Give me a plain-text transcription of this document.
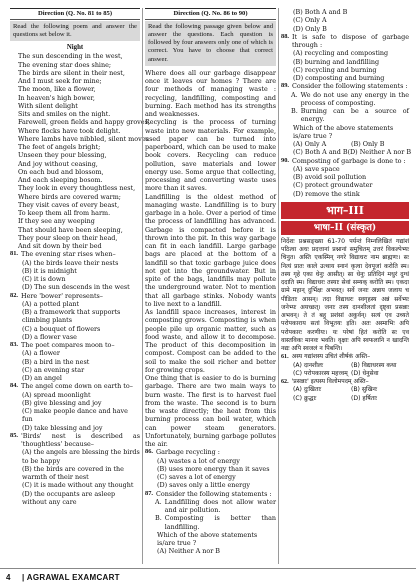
Direction (Q. No. 81 to 85)
Read the following poem and answer the questions set below it.
Night
The sun descending in the west,
The evening star does shine;
The birds are silent in their nest,
And I must seek for mine;
The moon, like a flower,
In heaven's high bower,
With silent delight
Sits and smiles on the night.
Farewell, green fields and happy groves,
Where flocks have took delight.
Where lambs have nibbled, silent moves
The feet of angels bright;
Unseen they pour blessing,
And joy without ceasing,
On each bud and blossom,
And each sleeping bosom.
They look in every thoughtless nest,
Where birds are covered warm;
They visit caves of every beast,
To keep them all from harm.
If they see any weeping
That should have been sleeping,
They pour sleep on their head,
And sit down by their bed
81. The evening star rises when–
(A) the birds leave their nests
(B) it is midnight
(C) it is down
(D) The sun descends in the west
82. Here 'bower' represents–
(A) a potted plant
(B) a framework that supports climbing plants
(C) a bouquet of flowers
(D) a flower vase
83. The poet compares moon to–
(A) a flower
(B) a bird in the nest
(C) an evening star
(D) an angel
84. The angel come down on earth to–
(A) spread moonlight
(B) give blessing and joy
(C) make people dance and have fun
(D) take blessing and joy
85. 'Birds' nest is described as 'thoughtless' because–
(A) the angels are blessing the birds to be happy
(B) the birds are covered in the warmth of their nest
(C) it is made without any thought
(D) the occupants are asleep without any care
Direction (Q. No. 86 to 90)
Read the following passage given below and answer the questions. Each question is followed by four answers only one of which is correct. You have to choose that correct answer.
Where does all our garbage disappear once it leaves our homes ? There are four methods of managing waste : recycling, landfilling, composting and burning. Each method has its strengths and weaknesses.
Recycling is the process of turning waste into new materials. For example, used paper can be turned into paperboard, which can be used to make book covers. Recycling can reduce pollution, save materials and lower energy use. Some argue that collecting, processing and converting waste uses more than it saves.
Landfilling is the oldest method of managing waste. Landfilling is to bury garbage in a hole. Over a period of time the process of landfilling has advanced. Garbage is compacted before it is thrown into the pit. In this way garbage can fit in each landfill. Large garbage bags are placed at the bottom of a landfill so that toxic garbage juice does not get into the groundwater. But in spite of the bags, landfills may pollute the underground water. Not to mention that all garbage stinks. Nobody wants to live next to a landfill.
As landfill space increases, interest in composting grows. Composting is when people pile up organic matter, such as food waste, and allow it to decompose. The product of this decomposition in compost. Compost can be added to the soil to make the soil richer and better for growing crops.
One thing that is easier to do is burning garbage. There are two main ways to burn waste. The first is to harvest fuel from the waste. The second is to burn the waste directly; the heat from this burning process can boil water, which can power steam generators. Unfortunately, burning garbage pollutes the air.
86. Garbage recycling :
(A) wastes a lot of energy
(B) uses more energy than it saves
(C) saves a lot of energy
(D) saves only a little energy
87. Consider the following statements :
A. Landfilling does not allow water and air pollution.
B. Composting is better than landfilling.
Which of the above statements is/are true ?
(A) Neither A nor B
(B) Both A and B
(C) Only A
(D) Only B
88. It is safe to dispose of garbage through :
(A) recycling and composting
(B) burning and landfilling
(C) recycling and burning
(D) composting and burning
89. Consider the following statements :
A. We do not use any energy in the process of composting.
B. Burning can be a source of energy.
Which of the above statements is/are true ?
(A) Only A	(B) Only B
(C) Both A and B (D) Neither A nor B
90. Composting of garbage is done to :
(A) save space
(B) avoid soil pollution
(C) protect groundwater
(D) remove the stink
भाग–III
भाषा–II (संस्कृत)
निर्देशः प्रश्नसङ्ख्या 61-70 पर्यन्तं निम्नलिखितं गद्यांशं पठित्वा अधः प्रदत्तानां प्रश्नानां समुचितम् उत्तरं विकल्पेभ्यः चिनुत। अस्ति एकस्मिन् नगरे विद्याधरः नाम ब्राह्मणः। सः नित्यं प्रातः काले उत्थाय स्नानं कृत्वा देवपूजां करोति स्म। तस्य गृहे एका धेनुः आसीत्। सा धेनुः प्रतिदिनं मधुरं दुग्धं ददाति स्म। विद्याधरः तस्याः सेवां सम्यक् करोति स्म। एकदा ग्रामे महान् दुर्भिक्षः अभवत्। सर्वे जनाः अन्नाय जलाय च पीडिताः आसन्। तदा विद्याधरः स्वगृहस्य अन्नं सर्वेभ्यः जनेभ्यः अयच्छत्। जनाः तस्य दानशीलतां दृष्ट्वा प्रसन्नाः अभवन्। ते तं बहु प्रशंसां अकुर्वन्। सत्यं एव उच्यते परोपकाराय सतां विभूतयः इति। अतः अस्माभिः अपि परोपकारः करणीयः। यः परेषां हितं करोति सः एव वास्तविकः मानवः भवति। वृक्षाः अपि स्वफलानि न खादन्ति नद्यः अपि स्वजलं न पिबन्ति।
61. अस्य गद्यांशस्य उचितं शीर्षकं अस्ति–
(A) दानशीलः	(B) विद्याधरस्य कथा
(C) परोपकारस्य महत्त्वम् (D) धेनुसेवा
62. 'प्रसन्नाः' इत्यस्य विलोमपदम् अस्ति–
(A) दुःखिताः	(B) सुखिनः
(C) क्रुद्धाः	(D) हर्षिताः
4 | AGRAWAL EXAMCART
